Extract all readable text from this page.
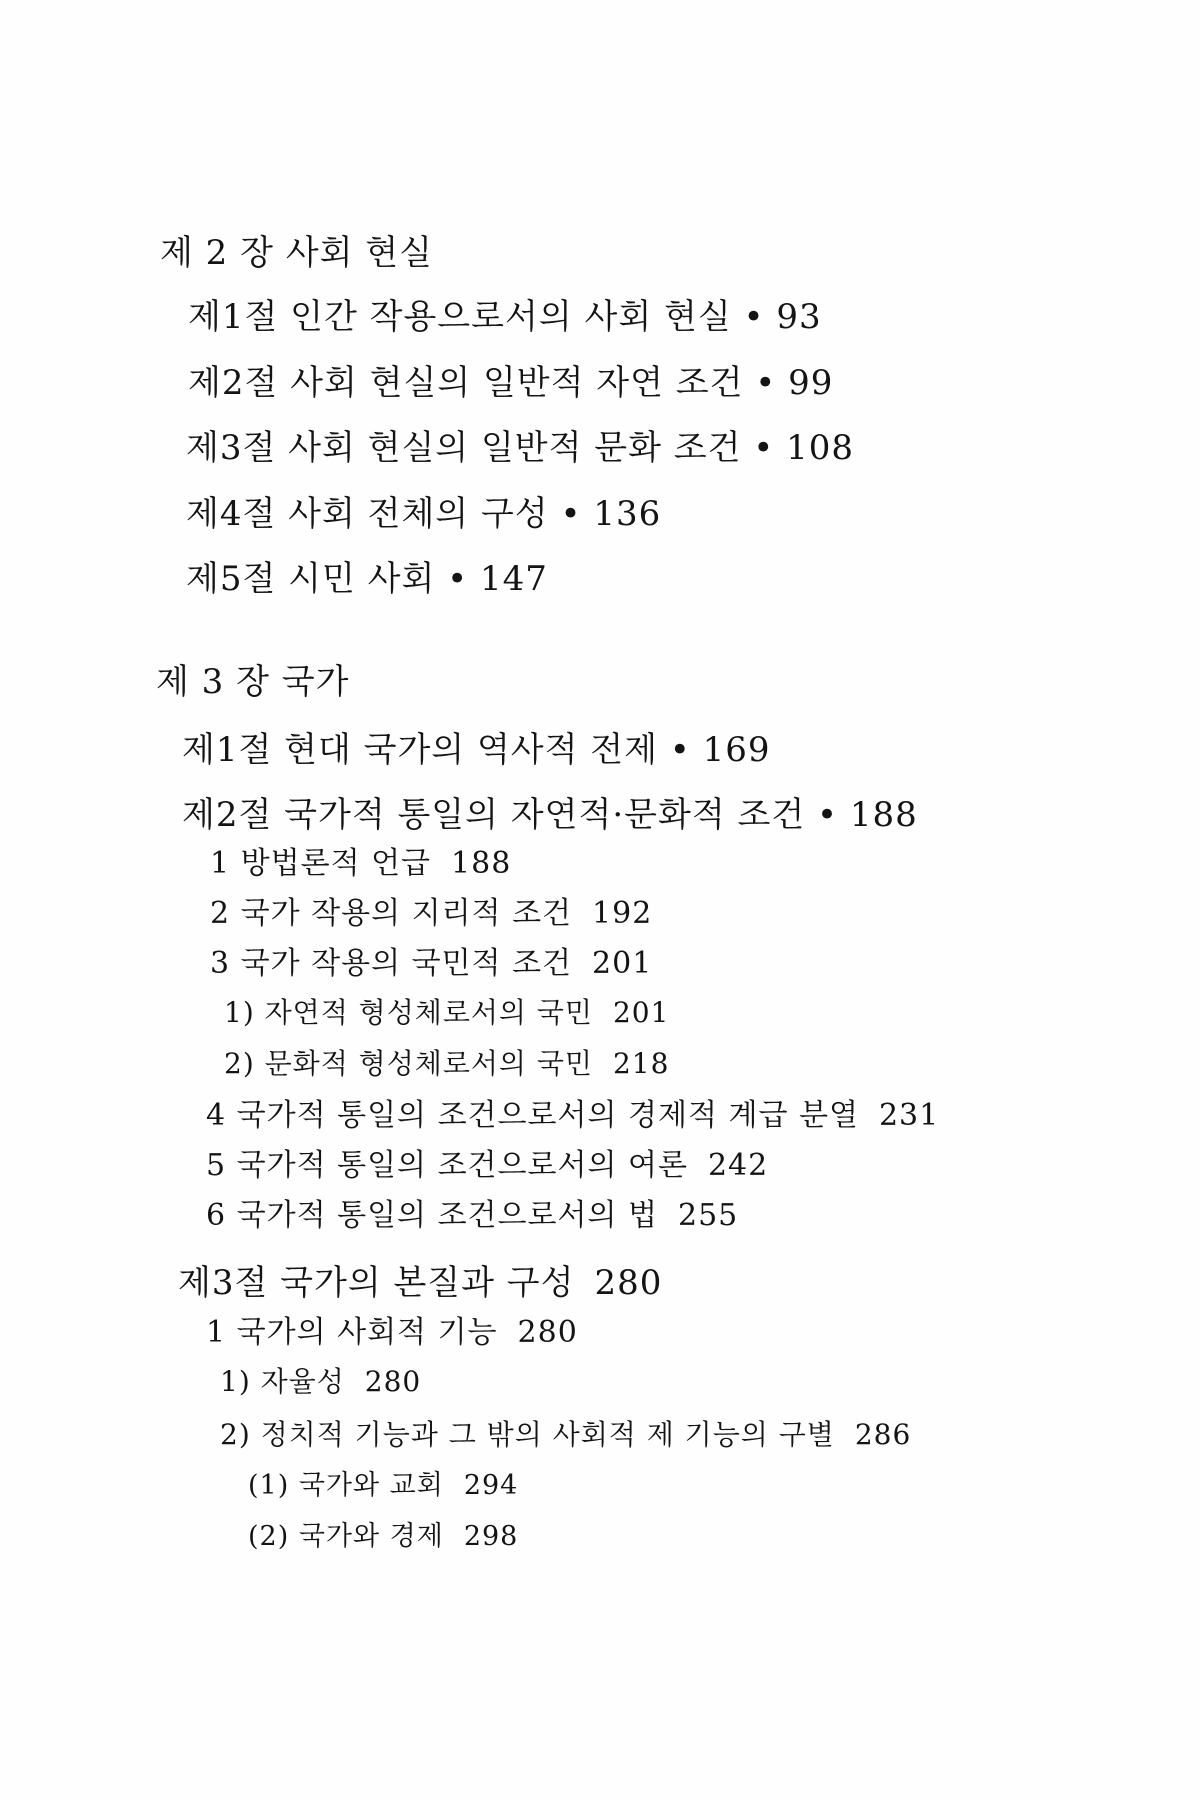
제 2 장 사회 현실
제1절 인간 작용으로서의 사회 현실 • 93
제2절 사회 현실의 일반적 자연 조건 • 99
제3절 사회 현실의 일반적 문화 조건 • 108
제4절 사회 전체의 구성 • 136
제5절 시민 사회 • 147
제 3 장 국가
제1절 현대 국가의 역사적 전제 • 169
제2절 국가적 통일의 자연적·문화적 조건 • 188
1 방법론적 언급 188
2 국가 작용의 지리적 조건 192
3 국가 작용의 국민적 조건 201
1) 자연적 형성체로서의 국민 201
2) 문화적 형성체로서의 국민 218
4 국가적 통일의 조건으로서의 경제적 계급 분열 231
5 국가적 통일의 조건으로서의 여론 242
6 국가적 통일의 조건으로서의 법 255
제3절 국가의 본질과 구성 280
1 국가의 사회적 기능 280
1) 자율성 280
2) 정치적 기능과 그 밖의 사회적 제 기능의 구별 286
(1) 국가와 교회 294
(2) 국가와 경제 298
